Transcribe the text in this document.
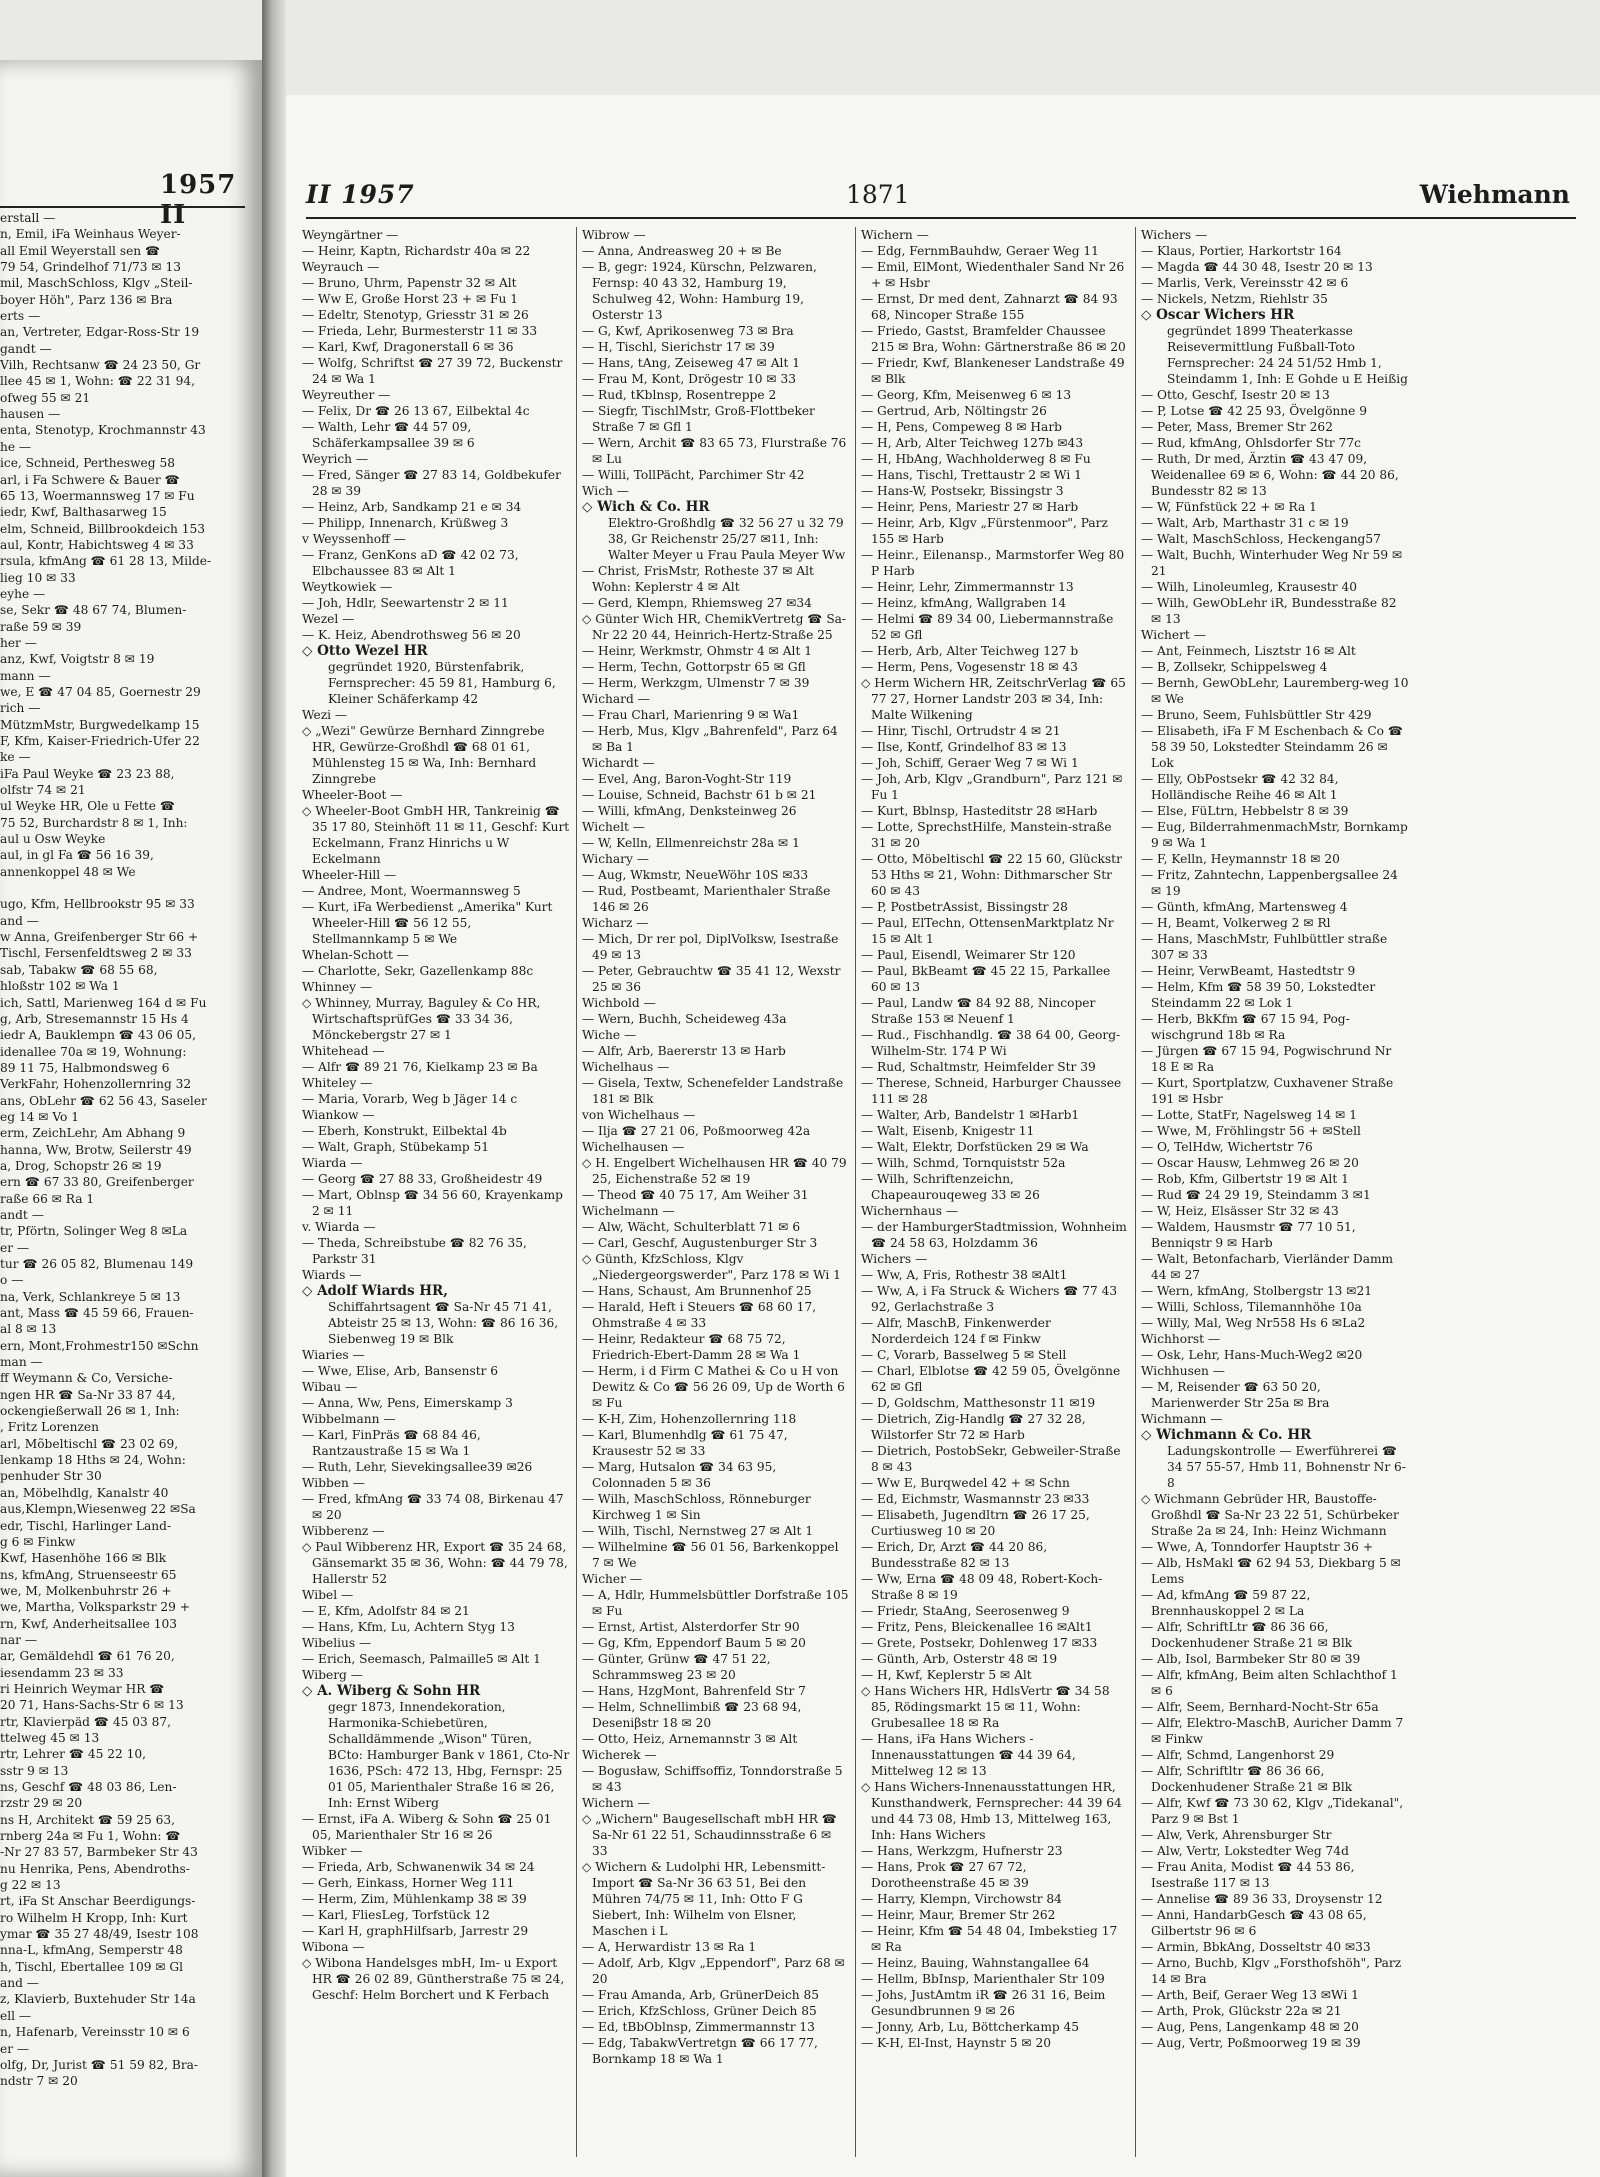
1957 II
erstall —
n, Emil, iFa Weinhaus Weyer-
all Emil Weyerstall sen ☎
79 54, Grindelhof 71/73 ✉ 13
mil, MaschSchloss, Klgv „Steil-
boyer Höh", Parz 136 ✉ Bra
erts —
an, Vertreter, Edgar-Ross-Str 19
gandt —
Vilh, Rechtsanw ☎ 24 23 50, Gr
llee 45 ✉ 1, Wohn: ☎ 22 31 94,
ofweg 55 ✉ 21
hausen —
enta, Stenotyp, Krochmannstr 43
he —
ice, Schneid, Perthesweg 58
arl, i Fa Schwere & Bauer ☎
65 13, Woermannsweg 17 ✉ Fu
iedr, Kwf, Balthasarweg 15
elm, Schneid, Billbrookdeich 153
aul, Kontr, Habichtsweg 4 ✉ 33
rsula, kfmAng ☎ 61 28 13, Milde-
lieg 10 ✉ 33
eyhe —
se, Sekr ☎ 48 67 74, Blumen-
raße 59 ✉ 39
her —
anz, Kwf, Voigtstr 8 ✉ 19
mann —
we, E ☎ 47 04 85, Goernestr 29
rich —
MützmMstr, Burgwedelkamp 15
F, Kfm, Kaiser-Friedrich-Ufer 22
ke —
iFa Paul Weyke ☎ 23 23 88,
olfstr 74 ✉ 21
ul Weyke HR, Ole u Fette ☎
75 52, Burchardstr 8 ✉ 1, Inh:
aul u Osw Weyke
aul, in gl Fa ☎ 56 16 39,
annenkoppel 48 ✉ We
ugo, Kfm, Hellbrookstr 95 ✉ 33
and —
w Anna, Greifenberger Str 66 +
Tischl, Fersenfeldtsweg 2 ✉ 33
sab, Tabakw ☎ 68 55 68,
hloßstr 102 ✉ Wa 1
ich, Sattl, Marienweg 164 d ✉ Fu
g, Arb, Stresemannstr 15 Hs 4
iedr A, Bauklempn ☎ 43 06 05,
idenallee 70a ✉ 19, Wohnung:
89 11 75, Halbmondsweg 6
VerkFahr, Hohenzollernring 32
ans, ObLehr ☎ 62 56 43, Saseler
eg 14 ✉ Vo 1
erm, ZeichLehr, Am Abhang 9
hanna, Ww, Brotw, Seilerstr 49
a, Drog, Schopstr 26 ✉ 19
ern ☎ 67 33 80, Greifenberger
raße 66 ✉ Ra 1
andt —
tr, Pförtn, Solinger Weg 8 ✉La
er —
tur ☎ 26 05 82, Blumenau 149
o —
na, Verk, Schlankreye 5 ✉ 13
ant, Mass ☎ 45 59 66, Frauen-
al 8 ✉ 13
ern, Mont,Frohmestr150 ✉Schn
man —
ff Weymann & Co, Versiche-
ngen HR ☎ Sa-Nr 33 87 44,
ockengießerwall 26 ✉ 1, Inh:
, Fritz Lorenzen
arl, Mõbeltischl ☎ 23 02 69,
lenkamp 18 Hths ✉ 24, Wohn:
penhuder Str 30
an, Möbelhdlg, Kanalstr 40
aus,Klempn,Wiesenweg 22 ✉Sa
edr, Tischl, Harlinger Land-
g 6 ✉ Finkw
Kwf, Hasenhöhe 166 ✉ Blk
ns, kfmAng, Struenseestr 65
we, M, Molkenbuhrstr 26 +
we, Martha, Volksparkstr 29 +
rn, Kwf, Anderheitsallee 103
nar —
ar, Gemäldehdl ☎ 61 76 20,
iesendamm 23 ✉ 33
ri Heinrich Weymar HR ☎
20 71, Hans-Sachs-Str 6 ✉ 13
rtr, Klavierpäd ☎ 45 03 87,
ttelweg 45 ✉ 13
rtr, Lehrer ☎ 45 22 10,
sstr 9 ✉ 13
ns, Geschf ☎ 48 03 86, Len-
rzstr 29 ✉ 20
ns H, Architekt ☎ 59 25 63,
rnberg 24a ✉ Fu 1, Wohn: ☎
-Nr 27 83 57, Barmbeker Str 43
nu Henrika, Pens, Abendroths-
g 22 ✉ 13
rt, iFa St Anschar Beerdigungs-
ro Wilhelm H Kropp, Inh: Kurt
ymar ☎ 35 27 48/49, Isestr 108
nna-L, kfmAng, Semperstr 48
h, Tischl, Ebertallee 109 ✉ Gl
and —
z, Klavierb, Buxtehuder Str 14a
ell —
n, Hafenarb, Vereinsstr 10 ✉ 6
er —
olfg, Dr, Jurist ☎ 51 59 82, Bra-
ndstr 7 ✉ 20
II 1957	1871	Wiehmann

Weyngärtner —

— Heinr, Kaptn, Richardstr 40a ✉ 22

Weyrauch —

— Bruno, Uhrm, Papenstr 32 ✉ Alt

— Ww E, Große Horst 23 + ✉ Fu 1

— Edeltr, Stenotyp, Griesstr 31 ✉ 26

— Frieda, Lehr, Burmesterstr 11 ✉ 33

— Karl, Kwf, Dragonerstall 6 ✉ 36

— Wolfg, Schriftst ☎ 27 39 72, Buckenstr 24 ✉ Wa 1

Weyreuther —

— Felix, Dr ☎ 26 13 67, Eilbektal 4c

— Walth, Lehr ☎ 44 57 09, Schäferkampsallee 39 ✉ 6

Weyrich —

— Fred, Sänger ☎ 27 83 14, Goldbekufer 28 ✉ 39

— Heinz, Arb, Sandkamp 21 e ✉ 34

— Philipp, Innenarch, Krüßweg 3

v Weyssenhoff —

— Franz, GenKons aD ☎ 42 02 73, Elbchaussee 83 ✉ Alt 1

Weytkowiek —

— Joh, Hdlr, Seewartenstr 2 ✉ 11

Wezel —

— K. Heiz, Abendrothsweg 56 ✉ 20

◇ Otto Wezel HR

gegründet 1920, Bürstenfabrik, Fernsprecher: 45 59 81, Hamburg 6, Kleiner Schäferkamp 42

Wezi —

◇ „Wezi" Gewürze Bernhard Zinngrebe HR, Gewürze-Großhdl ☎ 68 01 61, Mühlensteg 15 ✉ Wa, Inh: Bernhard Zinngrebe

Wheeler-Boot —

◇ Wheeler-Boot GmbH HR, Tankreinig ☎ 35 17 80, Steinhöft 11 ✉ 11, Geschf: Kurt Eckelmann, Franz Hinrichs u W Eckelmann

Wheeler-Hill —

— Andree, Mont, Woermannsweg 5

— Kurt, iFa Werbedienst „Amerika" Kurt Wheeler-Hill ☎ 56 12 55, Stellmannkamp 5 ✉ We

Whelan-Schott —

— Charlotte, Sekr, Gazellenkamp 88c

Whinney —

◇ Whinney, Murray, Baguley & Co HR, WirtschaftsprüfGes ☎ 33 34 36, Mönckebergstr 27 ✉ 1

Whitehead —

— Alfr ☎ 89 21 76, Kielkamp 23 ✉ Ba

Whiteley —

— Maria, Vorarb, Weg b Jäger 14 c

Wiankow —

— Eberh, Konstrukt, Eilbektal 4b

— Walt, Graph, Stübekamp 51

Wiarda —

— Georg ☎ 27 88 33, Großheidestr 49

— Mart, Oblnsp ☎ 34 56 60, Krayenkamp 2 ✉ 11

v. Wiarda —

— Theda, Schreibstube ☎ 82 76 35, Parkstr 31

Wiards —

◇ Adolf Wiards HR,

Schiffahrtsagent ☎ Sa-Nr 45 71 41, Abteistr 25 ✉ 13, Wohn: ☎ 86 16 36, Siebenweg 19 ✉ Blk

Wiaries —

— Wwe, Elise, Arb, Bansenstr 6

Wibau —

— Anna, Ww, Pens, Eimerskamp 3

Wibbelmann —

— Karl, FinPräs ☎ 68 84 46, Rantzaustraße 15 ✉ Wa 1

— Ruth, Lehr, Sievekingsallee39 ✉26

Wibben —

— Fred, kfmAng ☎ 33 74 08, Birkenau 47 ✉ 20

Wibberenz —

◇ Paul Wibberenz HR, Export ☎ 35 24 68, Gänsemarkt 35 ✉ 36, Wohn: ☎ 44 79 78, Hallerstr 52

Wibel —

— E, Kfm, Adolfstr 84 ✉ 21

— Hans, Kfm, Lu, Achtern Styg 13

Wibelius —

— Erich, Seemasch, Palmaille5 ✉ Alt 1

Wiberg —

◇ A. Wiberg & Sohn HR

gegr 1873, Innendekoration, Harmonika-Schiebetüren, Schalldämmende „Wison" Türen, BCto: Hamburger Bank v 1861, Cto-Nr 1636, PSch: 472 13, Hbg, Fernspr: 25 01 05, Marienthaler Straße 16 ✉ 26, Inh: Ernst Wiberg

— Ernst, iFa A. Wiberg & Sohn ☎ 25 01 05, Marienthaler Str 16 ✉ 26

Wibker —

— Frieda, Arb, Schwanenwik 34 ✉ 24

— Gerh, Einkass, Horner Weg 111

— Herm, Zim, Mühlenkamp 38 ✉ 39

— Karl, FliesLeg, Torfstück 12

— Karl H, graphHilfsarb, Jarrestr 29

Wibona —

◇ Wibona Handelsges mbH, Im- u Export HR ☎ 26 02 89, Güntherstraße 75 ✉ 24, Geschf: Helm Borchert und K Ferbach

Wibrow —

— Anna, Andreasweg 20 + ✉ Be

— B, gegr: 1924, Kürschn, Pelzwaren, Fernsp: 40 43 32, Hamburg 19, Schulweg 42, Wohn: Hamburg 19, Osterstr 13

— G, Kwf, Aprikosenweg 73 ✉ Bra

— H, Tischl, Sierichstr 17 ✉ 39

— Hans, tAng, Zeiseweg 47 ✉ Alt 1

— Frau M, Kont, Drögestr 10 ✉ 33

— Rud, tKblnsp, Rosentreppe 2

— Siegfr, TischlMstr, Groß-Flottbeker Straße 7 ✉ Gfl 1

— Wern, Archit ☎ 83 65 73, Flurstraße 76 ✉ Lu

— Willi, TollPächt, Parchimer Str 42

Wich —

◇ Wich & Co. HR

Elektro-Großhdlg ☎ 32 56 27 u 32 79 38, Gr Reichenstr 25/27 ✉11, Inh: Walter Meyer u Frau Paula Meyer Ww

— Christ, FrisMstr, Rotheste 37 ✉ Alt Wohn: Keplerstr 4 ✉ Alt

— Gerd, Klempn, Rhiemsweg 27 ✉34

◇ Günter Wich HR, ChemikVertretg ☎ Sa-Nr 22 20 44, Heinrich-Hertz-Straße 25

— Heinr, Werkmstr, Ohmstr 4 ✉ Alt 1

— Herm, Techn, Gottorpstr 65 ✉ Gfl

— Herm, Werkzgm, Ulmenstr 7 ✉ 39

Wichard —

— Frau Charl, Marienring 9 ✉ Wa1

— Herb, Mus, Klgv „Bahrenfeld", Parz 64 ✉ Ba 1

Wichardt —

— Evel, Ang, Baron-Voght-Str 119

— Louise, Schneid, Bachstr 61 b ✉ 21

— Willi, kfmAng, Denksteinweg 26

Wichelt —

— W, Kelln, Ellmenreichstr 28a ✉ 1

Wichary —

— Aug, Wkmstr, NeueWöhr 10S ✉33

— Rud, Postbeamt, Marienthaler Straße 146 ✉ 26

Wicharz —

— Mich, Dr rer pol, DiplVolksw, Isestraße 49 ✉ 13

— Peter, Gebrauchtw ☎ 35 41 12, Wexstr 25 ✉ 36

Wichbold —

— Wern, Buchh, Scheideweg 43a

Wiche —

— Alfr, Arb, Baererstr 13 ✉ Harb

Wichelhaus —

— Gisela, Textw, Schenefelder Landstraße 181 ✉ Blk

von Wichelhaus —

— Ilja ☎ 27 21 06, Poßmoorweg 42a

Wichelhausen —

◇ H. Engelbert Wichelhausen HR ☎ 40 79 25, Eichenstraße 52 ✉ 19

— Theod ☎ 40 75 17, Am Weiher 31

Wichelmann —

— Alw, Wächt, Schulterblatt 71 ✉ 6

— Carl, Geschf, Augustenburger Str 3

◇ Günth, KfzSchloss, Klgv „Niedergeorgswerder", Parz 178 ✉ Wi 1

— Hans, Schaust, Am Brunnenhof 25

— Harald, Heft i Steuers ☎ 68 60 17, Ohmstraße 4 ✉ 33

— Heinr, Redakteur ☎ 68 75 72, Friedrich-Ebert-Damm 28 ✉ Wa 1

— Herm, i d Firm C Mathei & Co u H von Dewitz & Co ☎ 56 26 09, Up de Worth 6 ✉ Fu

— K-H, Zim, Hohenzollernring 118

— Karl, Blumenhdlg ☎ 61 75 47, Krausestr 52 ✉ 33

— Marg, Hutsalon ☎ 34 63 95, Colonnaden 5 ✉ 36

— Wilh, MaschSchloss, Rönneburger Kirchweg 1 ✉ Sin

— Wilh, Tischl, Nernstweg 27 ✉ Alt 1

— Wilhelmine ☎ 56 01 56, Barkenkoppel 7 ✉ We

Wicher —

— A, Hdlr, Hummelsbüttler Dorfstraße 105 ✉ Fu

— Ernst, Artist, Alsterdorfer Str 90

— Gg, Kfm, Eppendorf Baum 5 ✉ 20

— Günter, Grünw ☎ 47 51 22, Schrammsweg 23 ✉ 20

— Hans, HzgMont, Bahrenfeld Str 7

— Helm, Schnellimbiß ☎ 23 68 94, Deseniβstr 18 ✉ 20

— Otto, Heiz, Arnemannstr 3 ✉ Alt

Wicherek —

— Bogusław, Schiffsoffiz, Tonndorstraße 5 ✉ 43

Wichern —

◇ „Wichern" Baugesellschaft mbH HR ☎ Sa-Nr 61 22 51, Schaudinnsstraße 6 ✉ 33

◇ Wichern & Ludolphi HR, Lebensmitt-Import ☎ Sa-Nr 36 63 51, Bei den Mühren 74/75 ✉ 11, Inh: Otto F G Siebert, Inh: Wilhelm von Elsner, Maschen i L

— A, Herwardistr 13 ✉ Ra 1

— Adolf, Arb, Klgv „Eppendorf", Parz 68 ✉ 20

— Frau Amanda, Arb, GrünerDeich 85

— Erich, KfzSchloss, Grüner Deich 85

— Ed, tBbOblnsp, Zimmermannstr 13

— Edg, TabakwVertretgn ☎ 66 17 77, Bornkamp 18 ✉ Wa 1

Wichern —

— Edg, FernmBauhdw, Geraer Weg 11

— Emil, ElMont, Wiedenthaler Sand Nr 26 + ✉ Hsbr

— Ernst, Dr med dent, Zahnarzt ☎ 84 93 68, Nincoper Straße 155

— Friedo, Gastst, Bramfelder Chaussee 215 ✉ Bra, Wohn: Gärtnerstraße 86 ✉ 20

— Friedr, Kwf, Blankeneser Landstraße 49 ✉ Blk

— Georg, Kfm, Meisenweg 6 ✉ 13

— Gertrud, Arb, Nöltingstr 26

— H, Pens, Compeweg 8 ✉ Harb

— H, Arb, Alter Teichweg 127b ✉43

— H, HbAng, Wachholderweg 8 ✉ Fu

— Hans, Tischl, Trettaustr 2 ✉ Wi 1

— Hans-W, Postsekr, Bissingstr 3

— Heinr, Pens, Mariestr 27 ✉ Harb

— Heinr, Arb, Klgv „Fürstenmoor", Parz 155 ✉ Harb

— Heinr., Eilenansp., Marmstorfer Weg 80 P Harb

— Heinr, Lehr, Zimmermannstr 13

— Heinz, kfmAng, Wallgraben 14

— Helmi ☎ 89 34 00, Liebermannstraße 52 ✉ Gfl

— Herb, Arb, Alter Teichweg 127 b

— Herm, Pens, Vogesenstr 18 ✉ 43

◇ Herm Wichern HR, ZeitschrVerlag ☎ 65 77 27, Horner Landstr 203 ✉ 34, Inh: Malte Wilkening

— Hinr, Tischl, Ortrudstr 4 ✉ 21

— Ilse, Kontf, Grindelhof 83 ✉ 13

— Joh, Schiff, Geraer Weg 7 ✉ Wi 1

— Joh, Arb, Klgv „Grandburn", Parz 121 ✉ Fu 1

— Kurt, Bblnsp, Hasteditstr 28 ✉Harb

— Lotte, SprechstHilfe, Manstein-straße 31 ✉ 20

— Otto, Möbeltischl ☎ 22 15 60, Glückstr 53 Hths ✉ 21, Wohn: Dithmarscher Str 60 ✉ 43

— P, PostbetrAssist, Bissingstr 28

— Paul, ElTechn, OttensenMarktplatz Nr 15 ✉ Alt 1

— Paul, Eisendl, Weimarer Str 120

— Paul, BkBeamt ☎ 45 22 15, Parkallee 60 ✉ 13

— Paul, Landw ☎ 84 92 88, Nincoper Straße 153 ✉ Neuenf 1

— Rud., Fischhandlg. ☎ 38 64 00, Georg-Wilhelm-Str. 174 P Wi

— Rud, Schaltmstr, Heimfelder Str 39

— Therese, Schneid, Harburger Chaussee 111 ✉ 28

— Walter, Arb, Bandelstr 1 ✉Harb1

— Walt, Eisenb, Knigestr 11

— Walt, Elektr, Dorfstücken 29 ✉ Wa

— Wilh, Schmd, Tornquiststr 52a

— Wilh, Schriftenzeichn, Chapeaurouqeweg 33 ✉ 26

Wichernhaus —

— der HamburgerStadtmission, Wohnheim ☎ 24 58 63, Holzdamm 36

Wichers —

— Ww, A, Fris, Rothestr 38 ✉Alt1

— Ww, A, i Fa Struck & Wichers ☎ 77 43 92, Gerlachstraße 3

— Alfr, MaschB, Finkenwerder Norderdeich 124 f ✉ Finkw

— C, Vorarb, Basselweg 5 ✉ Stell

— Charl, Elblotse ☎ 42 59 05, Övelgönne 62 ✉ Gfl

— D, Goldschm, Matthesonstr 11 ✉19

— Dietrich, Zig-Handlg ☎ 27 32 28, Wilstorfer Str 72 ✉ Harb

— Dietrich, PostobSekr, Gebweiler-Straße 8 ✉ 43

— Ww E, Burqwedel 42 + ✉ Schn

— Ed, Eichmstr, Wasmannstr 23 ✉33

— Elisabeth, Jugendltrn ☎ 26 17 25, Curtiusweg 10 ✉ 20

— Erich, Dr, Arzt ☎ 44 20 86, Bundesstraße 82 ✉ 13

— Ww, Erna ☎ 48 09 48, Robert-Koch-Straße 8 ✉ 19

— Friedr, StaAng, Seerosenweg 9

— Fritz, Pens, Bleickenallee 16 ✉Alt1

— Grete, Postsekr, Dohlenweg 17 ✉33

— Günth, Arb, Osterstr 48 ✉ 19

— H, Kwf, Keplerstr 5 ✉ Alt

◇ Hans Wichers HR, HdlsVertr ☎ 34 58 85, Rödingsmarkt 15 ✉ 11, Wohn: Grubesallee 18 ✉ Ra

— Hans, iFa Hans Wichers - Innenausstattungen ☎ 44 39 64, Mittelweg 12 ✉ 13

◇ Hans Wichers-Innenausstattungen HR, Kunsthandwerk, Fernsprecher: 44 39 64 und 44 73 08, Hmb 13, Mittelweg 163, Inh: Hans Wichers

— Hans, Werkzgm, Hufnerstr 23

— Hans, Prok ☎ 27 67 72, Dorotheenstraße 45 ✉ 39

— Harry, Klempn, Virchowstr 84

— Heinr, Maur, Bremer Str 262

— Heinr, Kfm ☎ 54 48 04, Imbekstieg 17 ✉ Ra

— Heinz, Bauing, Wahnstangallee 64

— Hellm, BbInsp, Marienthaler Str 109

— Johs, JustAmtm iR ☎ 26 31 16, Beim Gesundbrunnen 9 ✉ 26

— Jonny, Arb, Lu, Böttcherkamp 45

— K-H, El-Inst, Haynstr 5 ✉ 20

Wichers —

— Klaus, Portier, Harkortstr 164

— Magda ☎ 44 30 48, Isestr 20 ✉ 13

— Marlis, Verk, Vereinsstr 42 ✉ 6

— Nickels, Netzm, Riehlstr 35

◇ Oscar Wichers HR

gegründet 1899 Theaterkasse Reisevermittlung Fußball-Toto Fernsprecher: 24 24 51/52 Hmb 1, Steindamm 1, Inh: E Gohde u E Heißig

— Otto, Geschf, Isestr 20 ✉ 13

— P, Lotse ☎ 42 25 93, Övelgönne 9

— Peter, Mass, Bremer Str 262

— Rud, kfmAng, Ohlsdorfer Str 77c

— Ruth, Dr med, Ärztin ☎ 43 47 09, Weidenallee 69 ✉ 6, Wohn: ☎ 44 20 86, Bundesstr 82 ✉ 13

— W, Fünfstück 22 + ✉ Ra 1

— Walt, Arb, Marthastr 31 c ✉ 19

— Walt, MaschSchloss, Heckengang57

— Walt, Buchh, Winterhuder Weg Nr 59 ✉ 21

— Wilh, Linoleumleg, Krausestr 40

— Wilh, GewObLehr iR, Bundesstraße 82 ✉ 13

Wichert —

— Ant, Feinmech, Lisztstr 16 ✉ Alt

— B, Zollsekr, Schippelsweg 4

— Bernh, GewObLehr, Lauremberg-weg 10 ✉ We

— Bruno, Seem, Fuhlsbüttler Str 429

— Elisabeth, iFa F M Eschenbach & Co ☎ 58 39 50, Lokstedter Steindamm 26 ✉ Lok

— Elly, ObPostsekr ☎ 42 32 84, Holländische Reihe 46 ✉ Alt 1

— Else, FüLtrn, Hebbelstr 8 ✉ 39

— Eug, BilderrahmenmachMstr, Bornkamp 9 ✉ Wa 1

— F, Kelln, Heymannstr 18 ✉ 20

— Fritz, Zahntechn, Lappenbergsallee 24 ✉ 19

— Günth, kfmAng, Martensweg 4

— H, Beamt, Volkerweg 2 ✉ Rl

— Hans, MaschMstr, Fuhlbüttler straße 307 ✉ 33

— Heinr, VerwBeamt, Hastedtstr 9

— Helm, Kfm ☎ 58 39 50, Lokstedter Steindamm 22 ✉ Lok 1

— Herb, BkKfm ☎ 67 15 94, Pog-wischgrund 18b ✉ Ra

— Jürgen ☎ 67 15 94, Pogwischrund Nr 18 E ✉ Ra

— Kurt, Sportplatzw, Cuxhavener Straße 191 ✉ Hsbr

— Lotte, StatFr, Nagelsweg 14 ✉ 1

— Wwe, M, Fröhlingstr 56 + ✉Stell

— O, TelHdw, Wichertstr 76

— Oscar Hausw, Lehmweg 26 ✉ 20

— Rob, Kfm, Gilbertstr 19 ✉ Alt 1

— Rud ☎ 24 29 19, Steindamm 3 ✉1

— W, Heiz, Elsässer Str 32 ✉ 43

— Waldem, Hausmstr ☎ 77 10 51, Benniqstr 9 ✉ Harb

— Walt, Betonfacharb, Vierländer Damm 44 ✉ 27

— Wern, kfmAng, Stolbergstr 13 ✉21

— Willi, Schloss, Tilemannhöhe 10a

— Willy, Mal, Weg Nr558 Hs 6 ✉La2

Wichhorst —

— Osk, Lehr, Hans-Much-Weg2 ✉20

Wichhusen —

— M, Reisender ☎ 63 50 20, Marienwerder Str 25a ✉ Bra

Wichmann —

◇ Wichmann & Co. HR

Ladungskontrolle — Ewerführerei ☎ 34 57 55-57, Hmb 11, Bohnenstr Nr 6-8

◇ Wichmann Gebrüder HR, Baustoffe-Großhdl ☎ Sa-Nr 23 22 51, Schürbeker Straße 2a ✉ 24, Inh: Heinz Wichmann

— Wwe, A, Tonndorfer Hauptstr 36 +

— Alb, HsMakl ☎ 62 94 53, Diekbarg 5 ✉ Lems

— Ad, kfmAng ☎ 59 87 22, Brennhauskoppel 2 ✉ La

— Alfr, SchriftLtr ☎ 86 36 66, Dockenhudener Straße 21 ✉ Blk

— Alb, Isol, Barmbeker Str 80 ✉ 39

— Alfr, kfmAng, Beim alten Schlachthof 1 ✉ 6

— Alfr, Seem, Bernhard-Nocht-Str 65a

— Alfr, Elektro-MaschB, Auricher Damm 7 ✉ Finkw

— Alfr, Schmd, Langenhorst 29

— Alfr, Schriftltr ☎ 86 36 66, Dockenhudener Straße 21 ✉ Blk

— Alfr, Kwf ☎ 73 30 62, Klgv „Tidekanal", Parz 9 ✉ Bst 1

— Alw, Verk, Ahrensburger Str

— Alw, Vertr, Lokstedter Weg 74d

— Frau Anita, Modist ☎ 44 53 86, Isestraße 117 ✉ 13

— Annelise ☎ 89 36 33, Droysenstr 12

— Anni, HandarbGesch ☎ 43 08 65, Gilbertstr 96 ✉ 6

— Armin, BbkAng, Dosseltstr 40 ✉33

— Arno, Buchb, Klgv „Forsthofshöh", Parz 14 ✉ Bra

— Arth, Beif, Geraer Weg 13 ✉Wi 1

— Arth, Prok, Glückstr 22a ✉ 21

— Aug, Pens, Langenkamp 48 ✉ 20

— Aug, Vertr, Poßmoorweg 19 ✉ 39
